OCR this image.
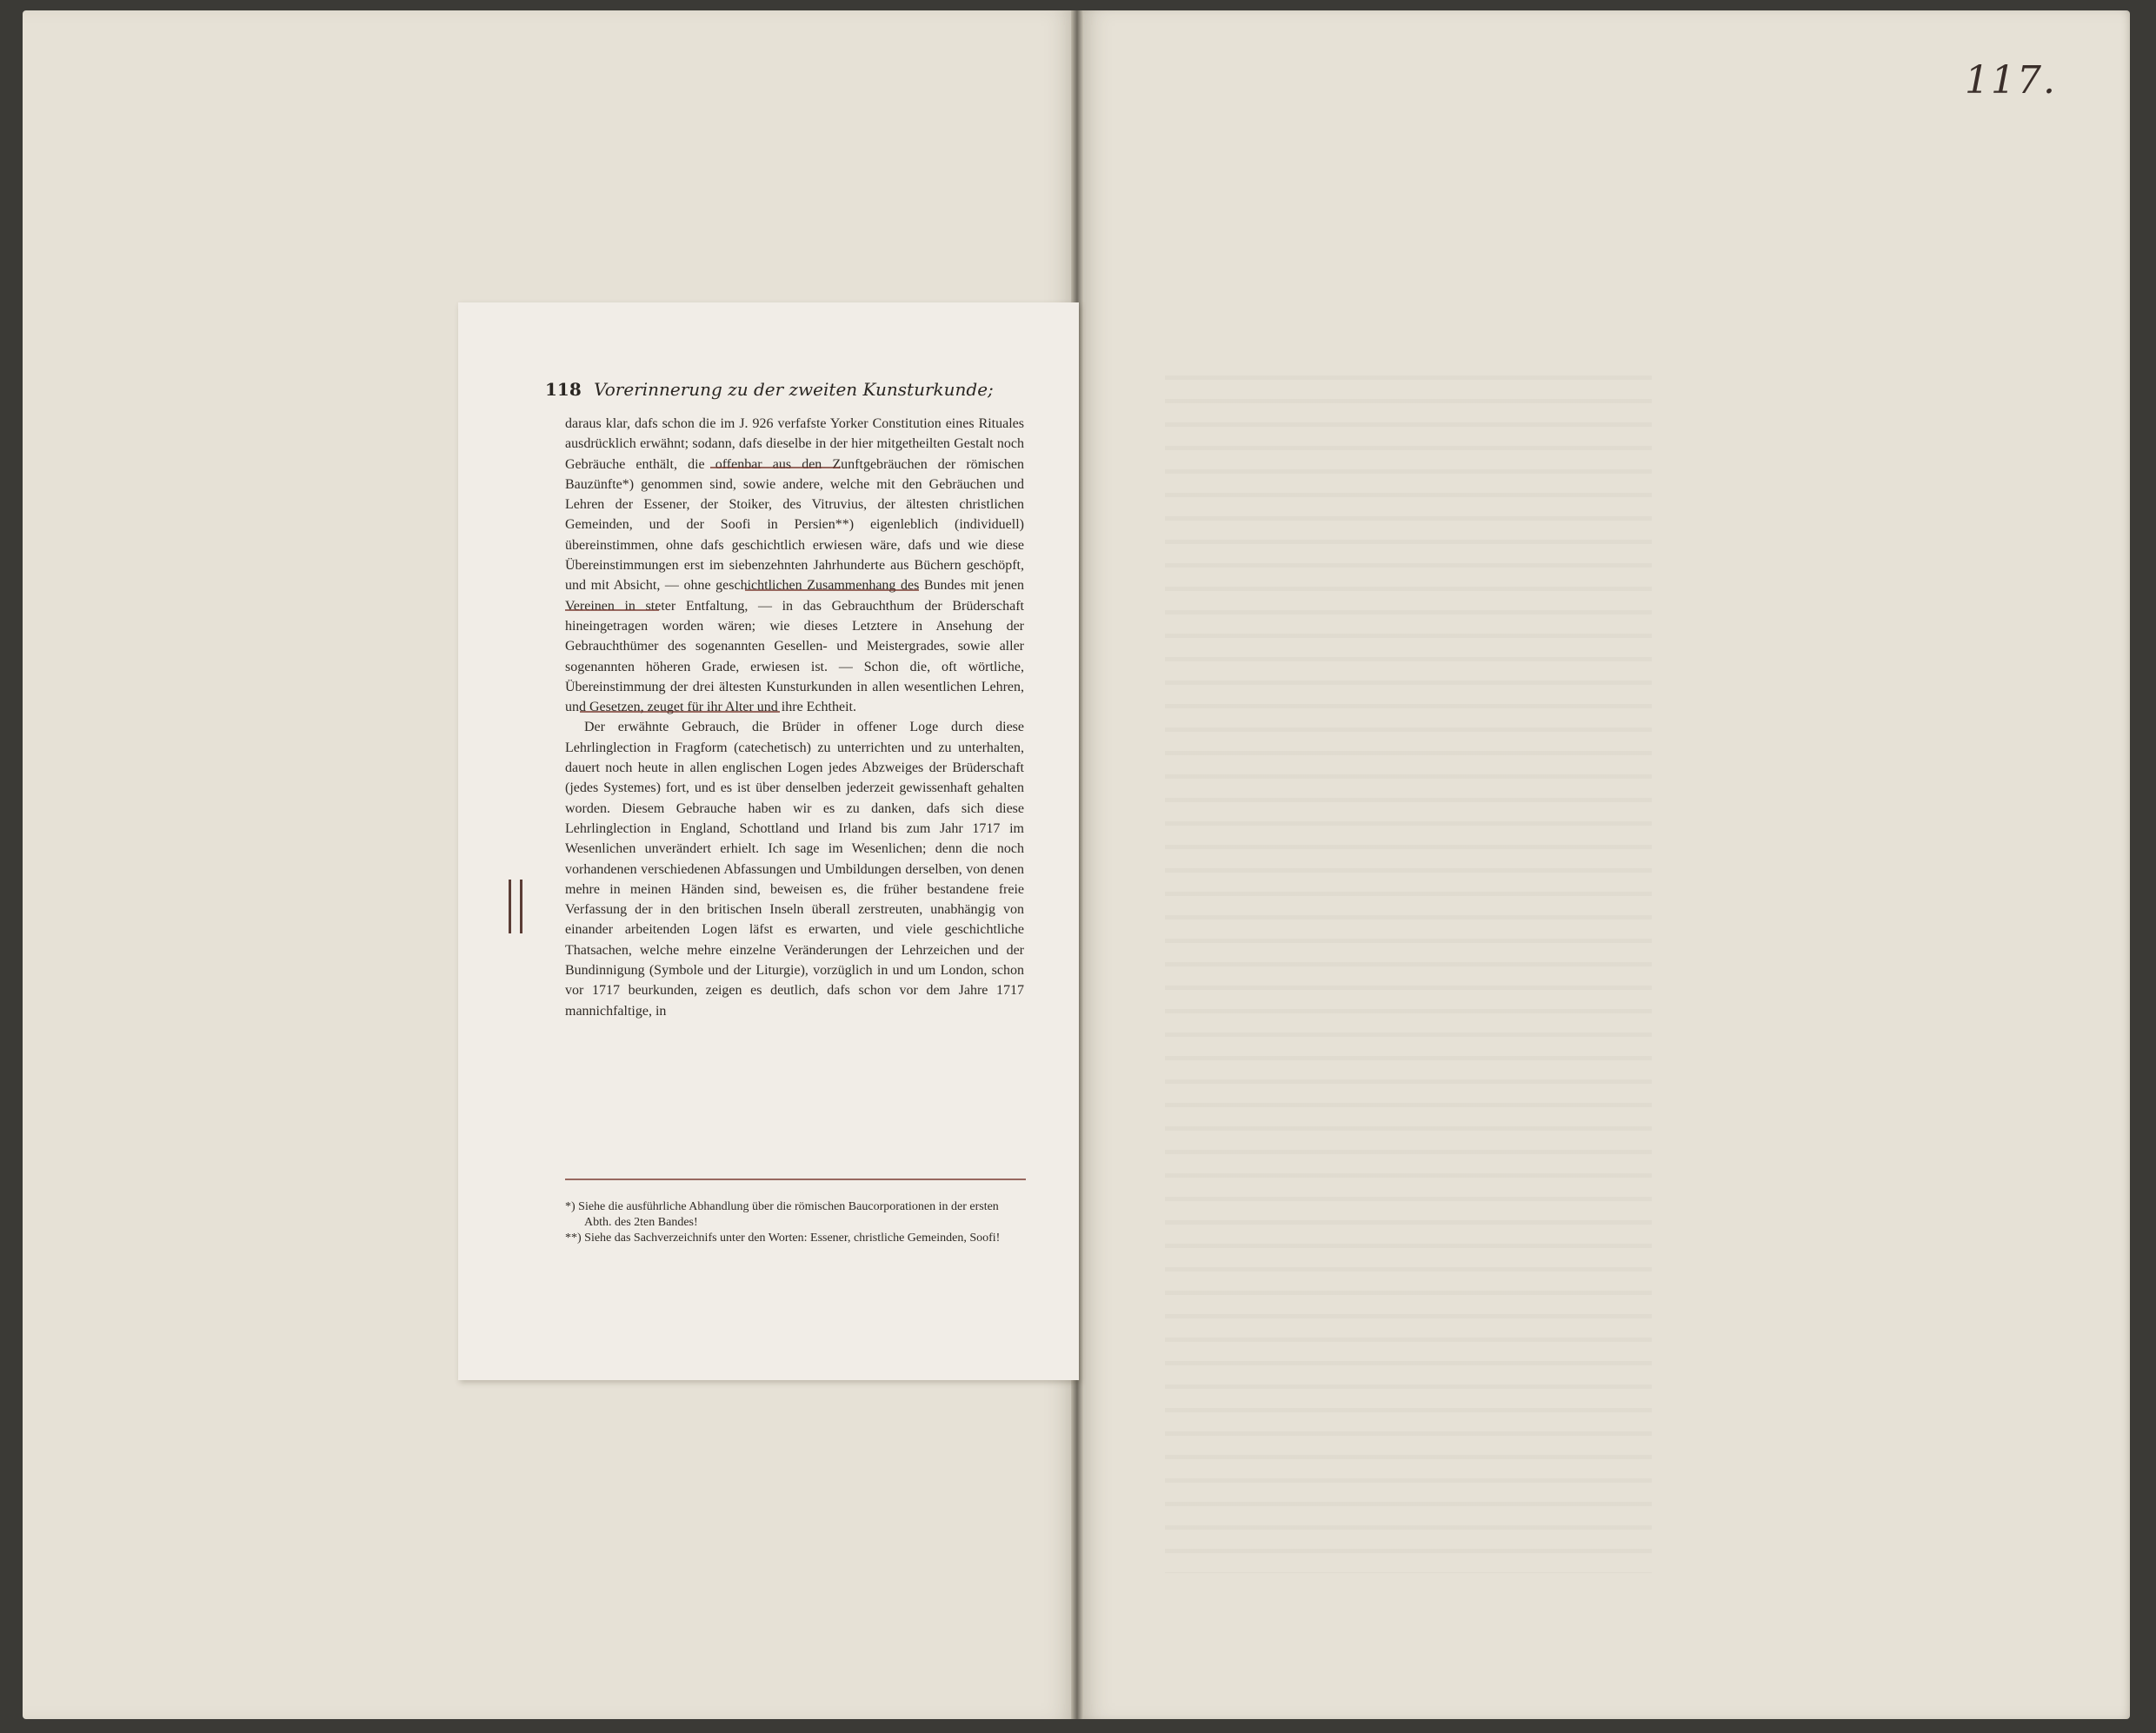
117.
118 Vorerinnerung zu der zweiten Kunsturkunde;

daraus klar, dafs schon die im J. 926 verfafste Yorker Constitution eines Rituales ausdrücklich erwähnt; sodann, dafs dieselbe in der hier mitgetheilten Gestalt noch Gebräuche enthält, die offenbar aus den Zunftgebräuchen der römischen Bauzünfte*) genommen sind, sowie andere, welche mit den Gebräuchen und Lehren der Essener, der Stoiker, des Vitruvius, der ältesten christlichen Gemeinden, und der Soofi in Persien**) eigenleblich (individuell) übereinstimmen, ohne dafs geschichtlich erwiesen wäre, dafs und wie diese Übereinstimmungen erst im siebenzehnten Jahrhunderte aus Büchern geschöpft, und mit Absicht, — ohne geschichtlichen Zusammenhang des Bundes mit jenen Vereinen in steter Entfaltung, — in das Gebrauchthum der Brüderschaft hineingetragen worden wären; wie dieses Letztere in Ansehung der Gebrauchthümer des sogenannten Gesellen- und Meistergrades, sowie aller sogenannten höheren Grade, erwiesen ist. — Schon die, oft wörtliche, Übereinstimmung der drei ältesten Kunsturkunden in allen wesentlichen Lehren, und Gesetzen, zeuget für ihr Alter und ihre Echtheit.

Der erwähnte Gebrauch, die Brüder in offener Loge durch diese Lehrlinglection in Fragform (catechetisch) zu unterrichten und zu unterhalten, dauert noch heute in allen englischen Logen jedes Abzweiges der Brüderschaft (jedes Systemes) fort, und es ist über denselben jederzeit gewissenhaft gehalten worden. Diesem Gebrauche haben wir es zu danken, dafs sich diese Lehrlinglection in England, Schottland und Irland bis zum Jahr 1717 im Wesenlichen unverändert erhielt. Ich sage im Wesenlichen; denn die noch vorhandenen verschiedenen Abfassungen und Umbildungen derselben, von denen mehre in meinen Händen sind, beweisen es, die früher bestandene freie Verfassung der in den britischen Inseln überall zerstreuten, unabhängig von einander arbeitenden Logen läfst es erwarten, und viele geschichtliche Thatsachen, welche mehre einzelne Veränderungen der Lehrzeichen und der Bundinnigung (Symbole und der Liturgie), vorzüglich in und um London, schon vor 1717 beurkunden, zeigen es deutlich, dafs schon vor dem Jahre 1717 mannichfaltige, in

*) Siehe die ausführliche Abhandlung über die römischen Baucorporationen in der ersten Abth. des 2ten Bandes!

**) Siehe das Sachverzeichnifs unter den Worten: Essener, christliche Gemeinden, Soofi!
